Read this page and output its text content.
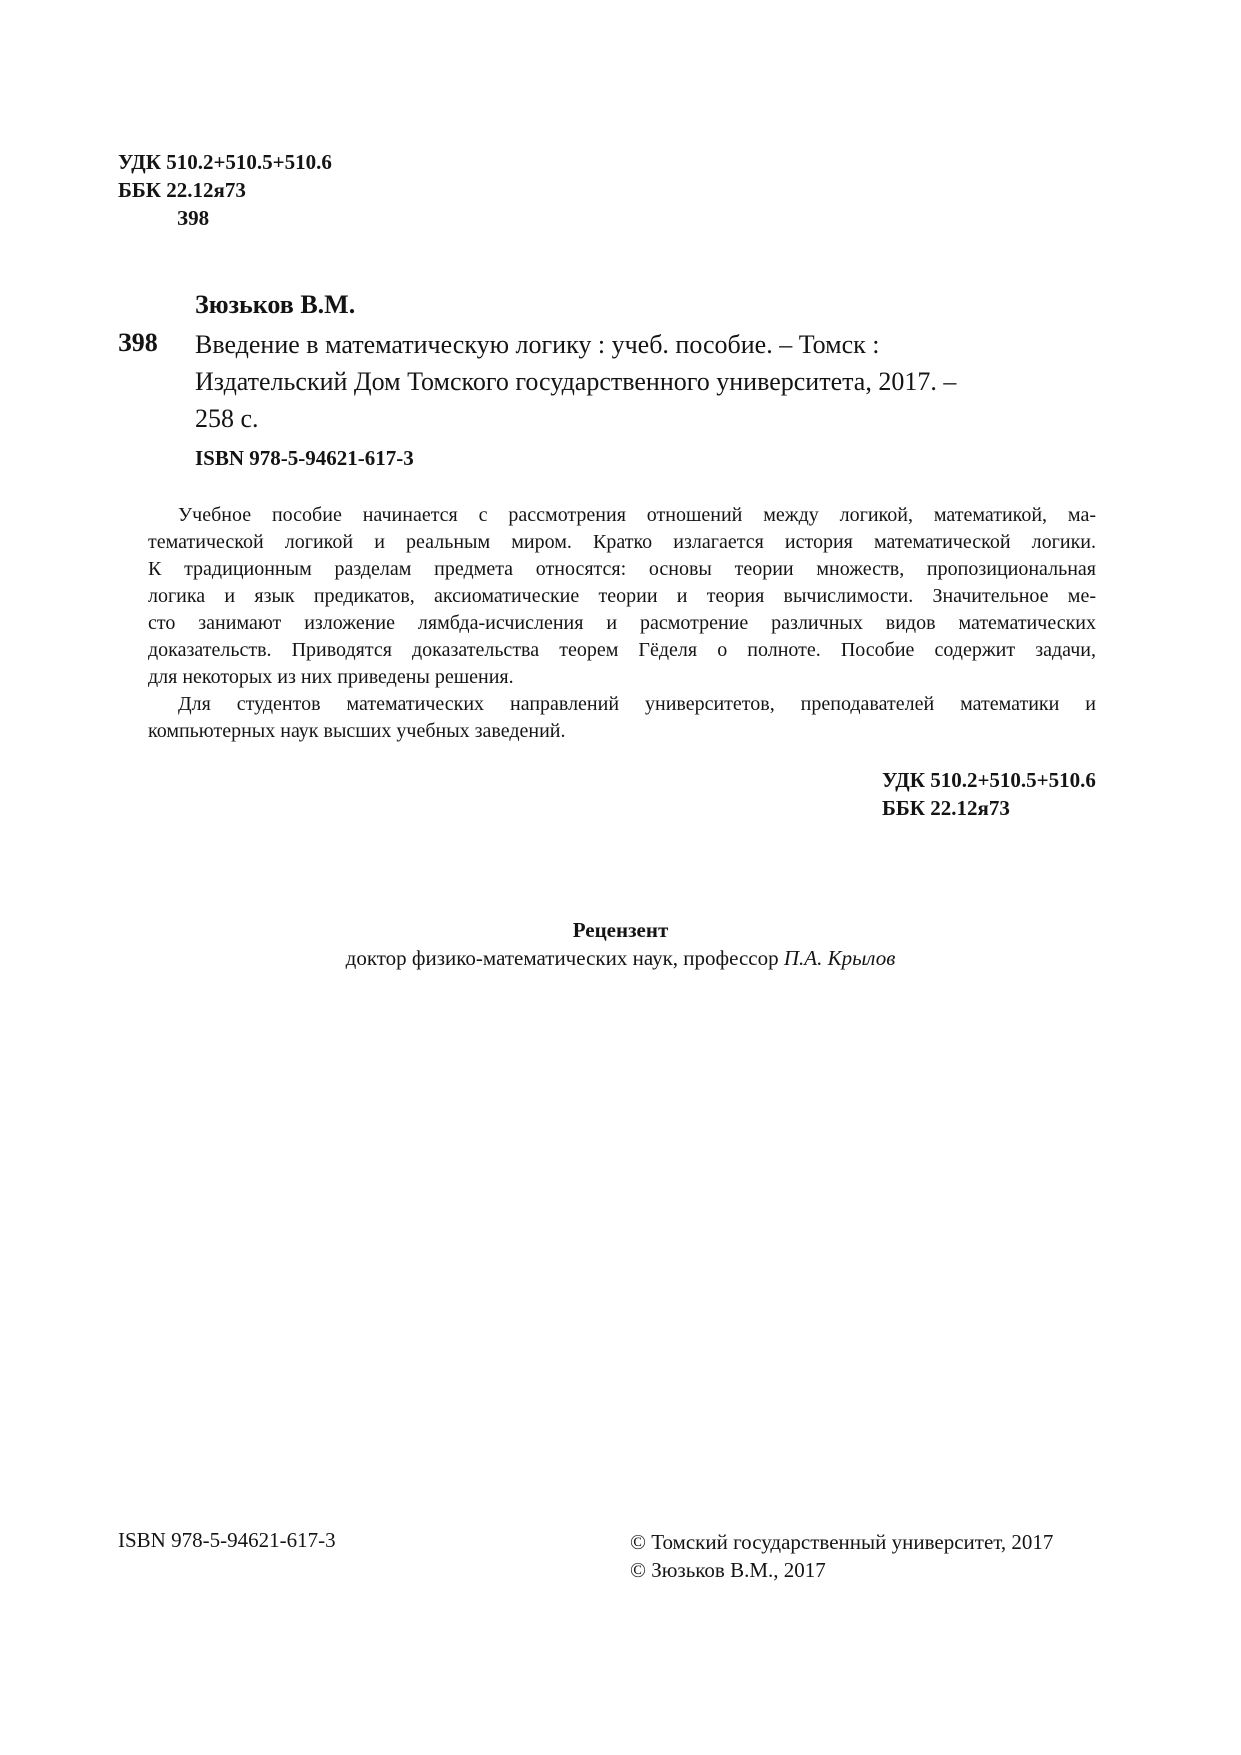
УДК 510.2+510.5+510.6
ББК 22.12я73
З98
Зюзьков В.М.
З98 Введение в математическую логику : учеб. пособие. – Томск :
Издательский Дом Томского государственного университета, 2017. –
258 с.
ISBN 978-5-94621-617-3
Учебное пособие начинается с рассмотрения отношений между логикой, математикой, ма-
тематической логикой и реальным миром. Кратко излагается история математической логики.
К традиционным разделам предмета относятся: основы теории множеств, пропозициональная
логика и язык предикатов, аксиоматические теории и теория вычислимости. Значительное ме-
сто занимают изложение лямбда-исчисления и расмотрение различных видов математических
доказательств. Приводятся доказательства теорем Гёделя о полноте. Пособие содержит задачи,
для некоторых из них приведены решения.
Для студентов математических направлений университетов, преподавателей математики и
компьютерных наук высших учебных заведений.
УДК 510.2+510.5+510.6
ББК 22.12я73
Рецензент
доктор физико-математических наук, профессор П.А. Крылов
ISBN 978-5-94621-617-3	© Томский государственный университет, 2017
© Зюзьков В.М., 2017
